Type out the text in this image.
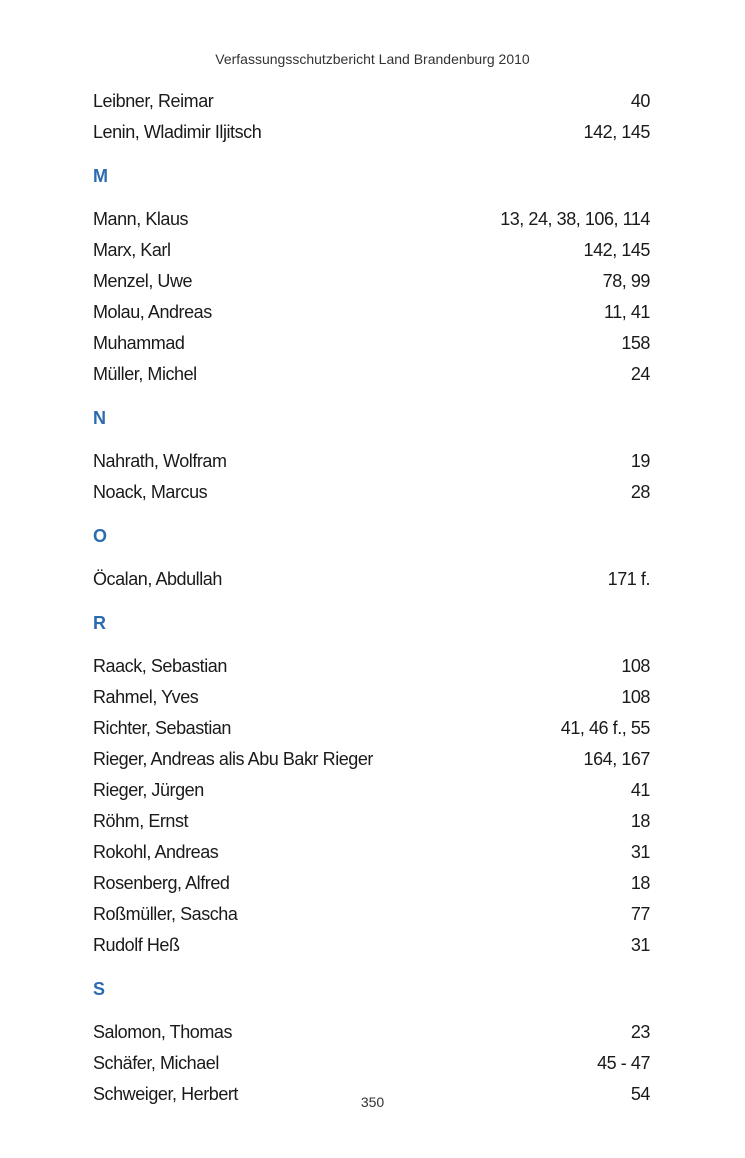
Verfassungsschutzbericht Land Brandenburg 2010
Leibner, Reimar	40
Lenin, Wladimir Iljitsch	142, 145
M
Mann, Klaus	13, 24, 38, 106, 114
Marx, Karl	142, 145
Menzel, Uwe	78, 99
Molau, Andreas	11, 41
Muhammad	158
Müller, Michel	24
N
Nahrath, Wolfram	19
Noack, Marcus	28
O
Öcalan, Abdullah	171 f.
R
Raack, Sebastian	108
Rahmel, Yves	108
Richter, Sebastian	41, 46 f., 55
Rieger, Andreas alis Abu Bakr Rieger	164, 167
Rieger, Jürgen	41
Röhm, Ernst	18
Rokohl, Andreas	31
Rosenberg, Alfred	18
Roßmüller, Sascha	77
Rudolf Heß	31
S
Salomon, Thomas	23
Schäfer, Michael	45 - 47
Schweiger, Herbert	54
350
